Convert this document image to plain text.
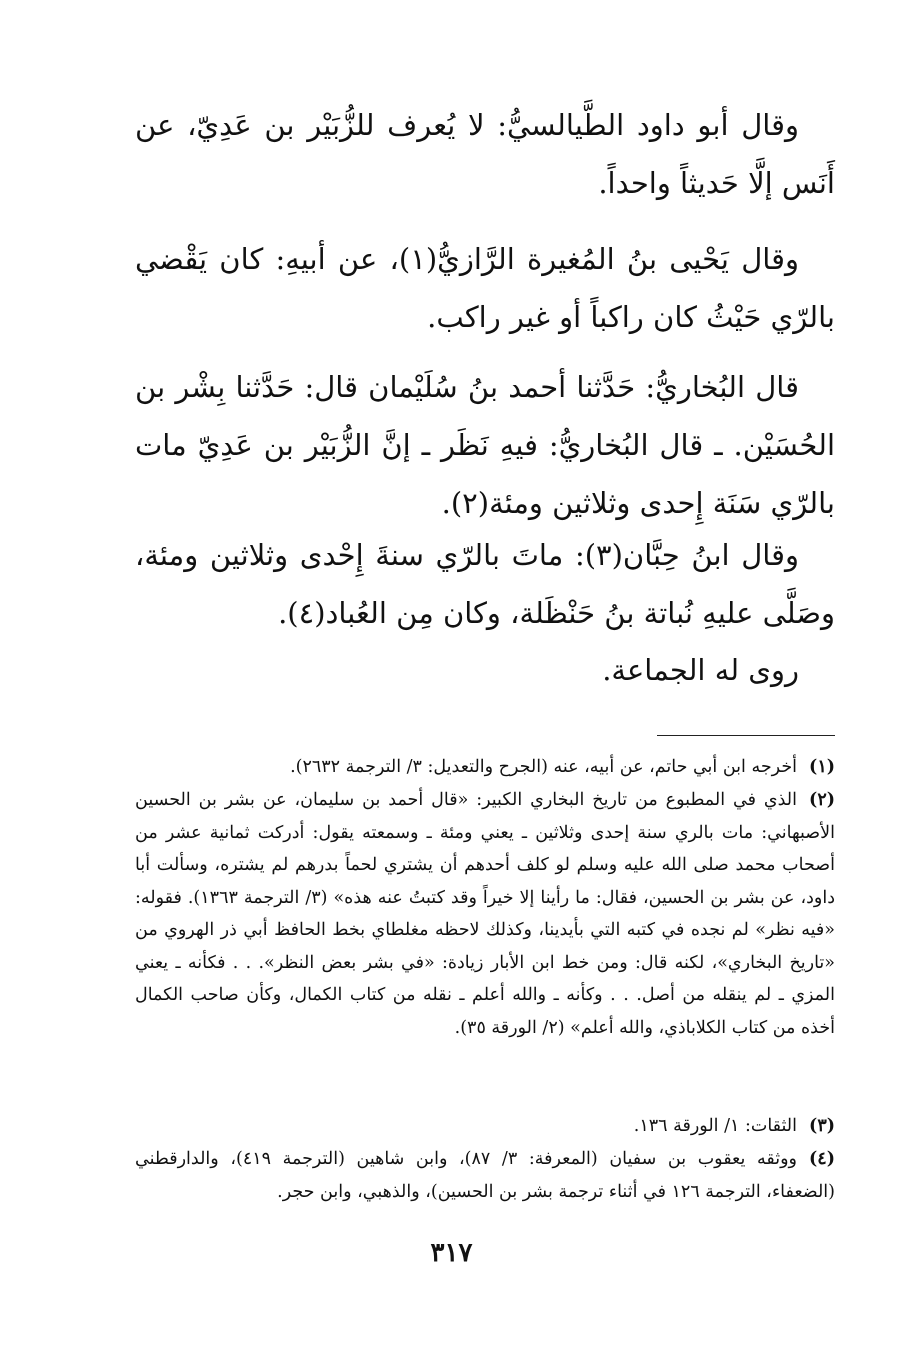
وقال أبو داود الطَّيالسيُّ: لا يُعرف للزُّبَيْر بن عَدِيّ، عن أَنَس إلَّا حَديثاً واحداً.

وقال يَحْيى بنُ المُغيرة الرَّازيُّ(١)، عن أبيهِ: كان يَقْضي بالرّي حَيْثُ كان راكباً أو غير راكب.

قال البُخاريُّ: حَدَّثنا أحمد بنُ سُلَيْمان قال: حَدَّثنا بِشْر بن الحُسَيْن. ـ قال البُخاريُّ: فيهِ نَظَر ـ إنَّ الزُّبَيْر بن عَدِيّ مات بالرّي سَنَة إِحدى وثلاثين ومئة(٢).

وقال ابنُ حِبَّان(٣): ماتَ بالرّي سنةَ إِحْدى وثلاثين ومئة، وصَلَّى عليهِ نُباتة بنُ حَنْظَلة، وكان مِن العُباد(٤).

روى له الجماعة.

(١)أخرجه ابن أبي حاتم، عن أبيه، عنه (الجرح والتعديل: ٣/ الترجمة ٢٦٣٢).

(٢)الذي في المطبوع من تاريخ البخاري الكبير: «قال أحمد بن سليمان، عن بشر بن الحسين الأصبهاني: مات بالري سنة إحدى وثلاثين ـ يعني ومئة ـ وسمعته يقول: أدركت ثمانية عشر من أصحاب محمد صلى الله عليه وسلم لو كلف أحدهم أن يشتري لحماً بدرهم لم يشتره، وسألت أبا داود، عن بشر بن الحسين، فقال: ما رأينا إلا خيراً وقد كتبتُ عنه هذه» (٣/ الترجمة ١٣٦٣). فقوله: «فيه نظر» لم نجده في كتبه التي بأيدينا، وكذلك لاحظه مغلطاي بخط الحافظ أبي ذر الهروي من «تاريخ البخاري»، لكنه قال: ومن خط ابن الأبار زيادة: «في بشر بعض النظر». . . فكأنه ـ يعني المزي ـ لم ينقله من أصل. . . وكأنه ـ والله أعلم ـ نقله من كتاب الكمال، وكأن صاحب الكمال أخذه من كتاب الكلاباذي، والله أعلم» (٢/ الورقة ٣٥).

(٣)الثقات: ١/ الورقة ١٣٦.

(٤)ووثقه يعقوب بن سفيان (المعرفة: ٣/ ٨٧)، وابن شاهين (الترجمة ٤١٩)، والدارقطني (الضعفاء، الترجمة ١٢٦ في أثناء ترجمة بشر بن الحسين)، والذهبي، وابن حجر.

٣١٧
